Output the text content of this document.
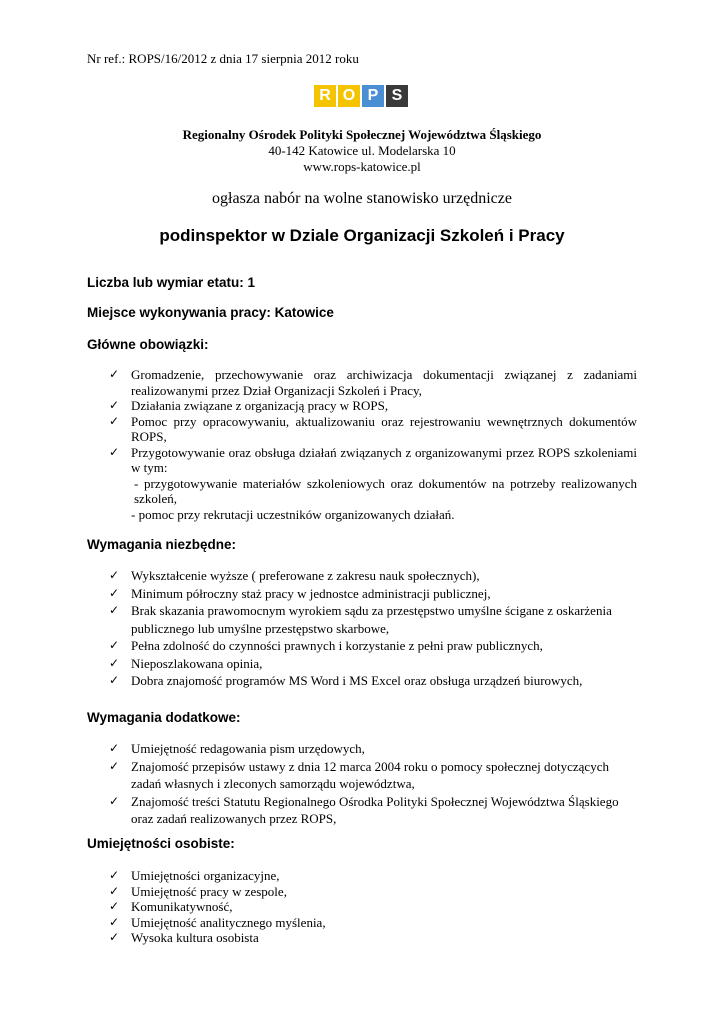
Nr ref.: ROPS/16/2012 z dnia 17 sierpnia 2012 roku
R O P S
Regionalny Ośrodek Polityki Społecznej Województwa Śląskiego
40-142 Katowice ul. Modelarska 10
www.rops-katowice.pl
ogłasza nabór na wolne stanowisko urzędnicze
podinspektor w Dziale Organizacji Szkoleń i Pracy
Liczba lub wymiar etatu: 1
Miejsce wykonywania pracy: Katowice
Główne obowiązki:
✓ Gromadzenie, przechowywanie oraz archiwizacja dokumentacji związanej z zadaniami realizowanymi przez Dział Organizacji Szkoleń i Pracy,
✓ Działania związane z organizacją pracy w ROPS,
✓ Pomoc przy opracowywaniu, aktualizowaniu oraz rejestrowaniu wewnętrznych dokumentów ROPS,
✓ Przygotowywanie oraz obsługa działań związanych z organizowanymi przez ROPS szkoleniami w tym:
- przygotowywanie materiałów szkoleniowych oraz dokumentów na potrzeby realizowanych szkoleń,
- pomoc przy rekrutacji uczestników organizowanych działań.
Wymagania niezbędne:
✓ Wykształcenie wyższe ( preferowane z zakresu nauk społecznych),
✓ Minimum półroczny staż pracy w jednostce administracji publicznej,
✓ Brak skazania prawomocnym wyrokiem sądu za przestępstwo umyślne ścigane z oskarżenia publicznego lub umyślne przestępstwo skarbowe,
✓ Pełna zdolność do czynności prawnych i korzystanie z pełni praw publicznych,
✓ Nieposzlakowana opinia,
✓ Dobra znajomość programów MS Word i MS Excel oraz obsługa urządzeń biurowych,
Wymagania dodatkowe:
✓ Umiejętność redagowania pism urzędowych,
✓ Znajomość przepisów ustawy z dnia 12 marca 2004 roku o pomocy społecznej dotyczących zadań własnych i zleconych samorządu województwa,
✓ Znajomość treści Statutu Regionalnego Ośrodka Polityki Społecznej Województwa Śląskiego oraz zadań realizowanych przez ROPS,
Umiejętności osobiste:
✓ Umiejętności organizacyjne,
✓ Umiejętność pracy w zespole,
✓ Komunikatywność,
✓ Umiejętność analitycznego myślenia,
✓ Wysoka kultura osobista
